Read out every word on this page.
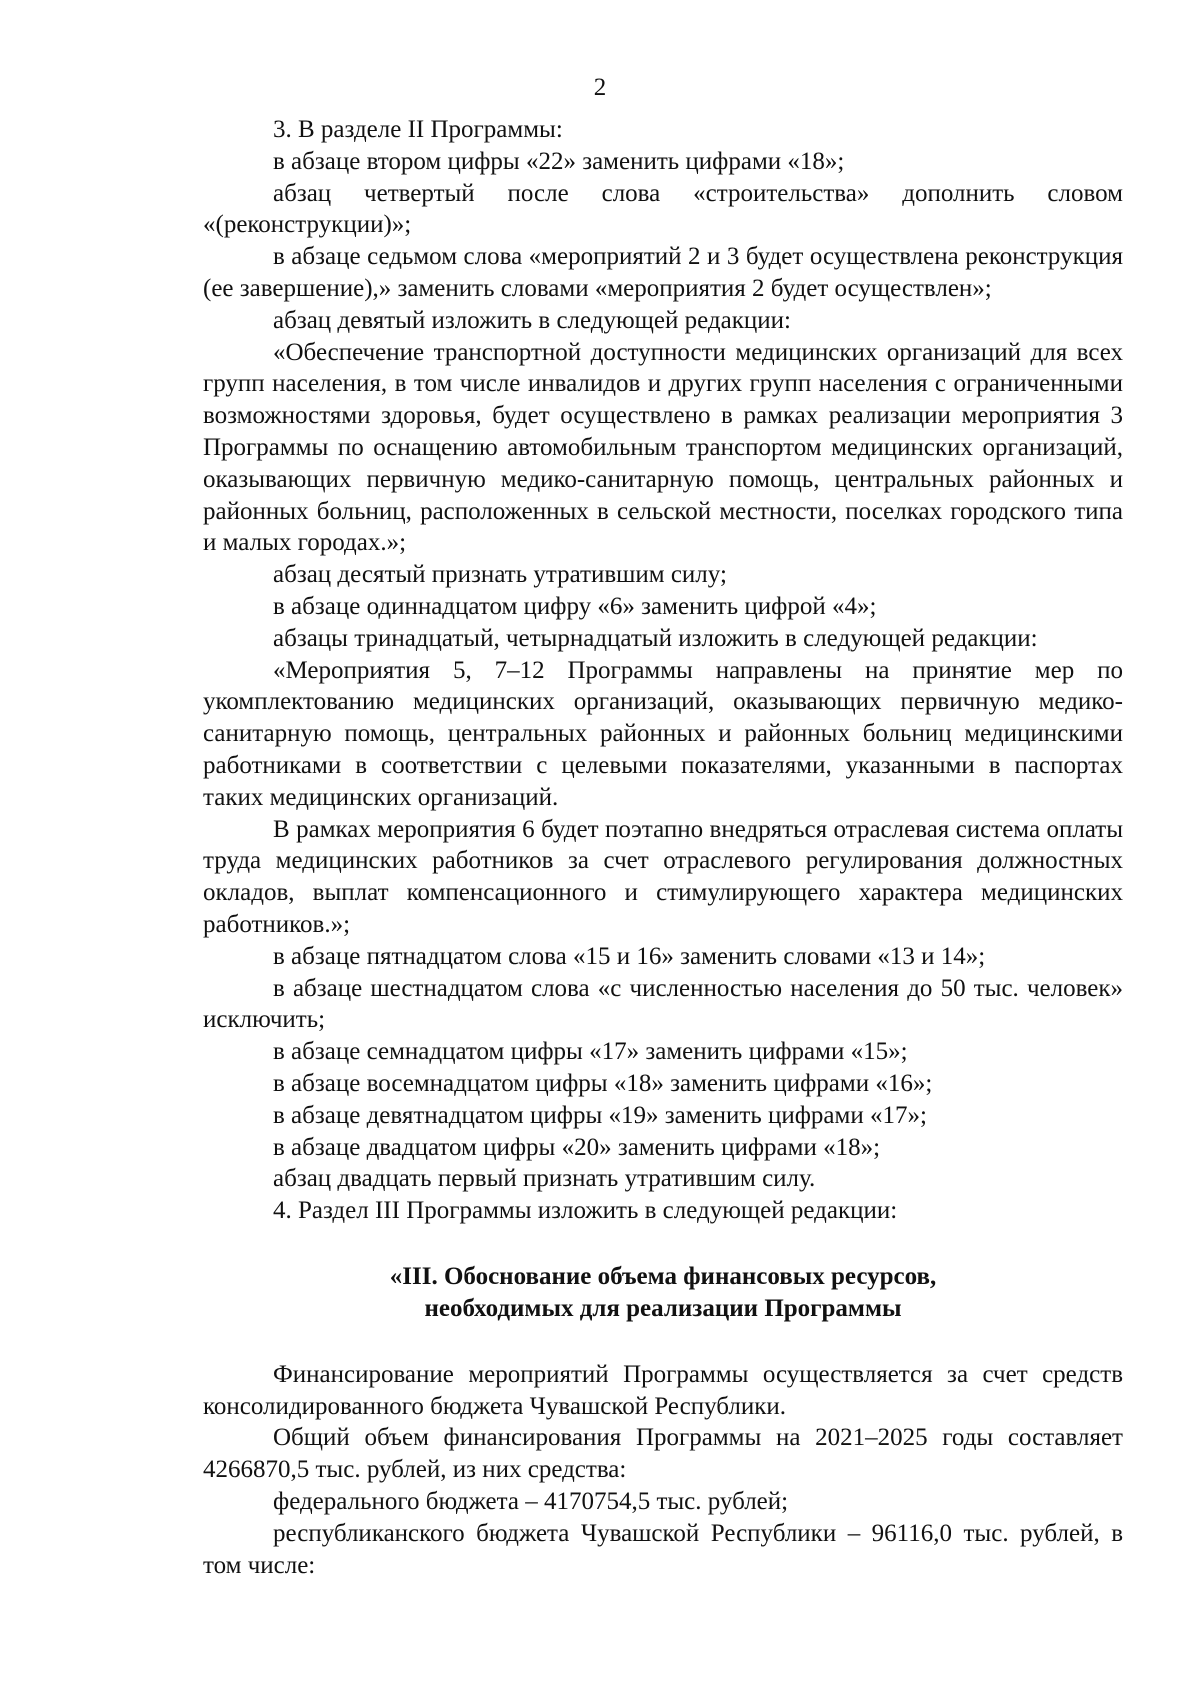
2

3. В разделе II Программы:

в абзаце втором цифры «22» заменить цифрами «18»;

абзац четвертый после слова «строительства» дополнить словом «(реконструкции)»;

в абзаце седьмом слова «мероприятий 2 и 3 будет осуществлена реконструкция (ее завершение),» заменить словами «мероприятия 2 будет осуществлен»;

абзац девятый изложить в следующей редакции:

«Обеспечение транспортной доступности медицинских организаций для всех групп населения, в том числе инвалидов и других групп населения с ограниченными возможностями здоровья, будет осуществлено в рамках реализации мероприятия 3 Программы по оснащению автомобильным транспортом медицинских организаций, оказывающих первичную медико-санитарную помощь, центральных районных и районных больниц, расположенных в сельской местности, поселках городского типа и малых городах.»;

абзац десятый признать утратившим силу;

в абзаце одиннадцатом цифру «6» заменить цифрой «4»;

абзацы тринадцатый, четырнадцатый изложить в следующей редакции:

«Мероприятия 5, 7–12 Программы направлены на принятие мер по укомплектованию медицинских организаций, оказывающих первичную медико-санитарную помощь, центральных районных и районных больниц медицинскими работниками в соответствии с целевыми показателями, указанными в паспортах таких медицинских организаций.

В рамках мероприятия 6 будет поэтапно внедряться отраслевая система оплаты труда медицинских работников за счет отраслевого регулирования должностных окладов, выплат компенсационного и стимулирующего характера медицинских работников.»;

в абзаце пятнадцатом слова «15 и 16» заменить словами «13 и 14»;

в абзаце шестнадцатом слова «с численностью населения до 50 тыс. человек» исключить;

в абзаце семнадцатом цифры «17» заменить цифрами «15»;

в абзаце восемнадцатом цифры «18» заменить цифрами «16»;

в абзаце девятнадцатом цифры «19» заменить цифрами «17»;

в абзаце двадцатом цифры «20» заменить цифрами «18»;

абзац двадцать первый признать утратившим силу.

4. Раздел III Программы изложить в следующей редакции:

«III. Обоснование объема финансовых ресурсов,
необходимых для реализации Программы

Финансирование мероприятий Программы осуществляется за счет средств консолидированного бюджета Чувашской Республики.

Общий объем финансирования Программы на 2021–2025 годы составляет 4266870,5 тыс. рублей, из них средства:

федерального бюджета – 4170754,5 тыс. рублей;

республиканского бюджета Чувашской Республики – 96116,0 тыс. рублей, в том числе:
